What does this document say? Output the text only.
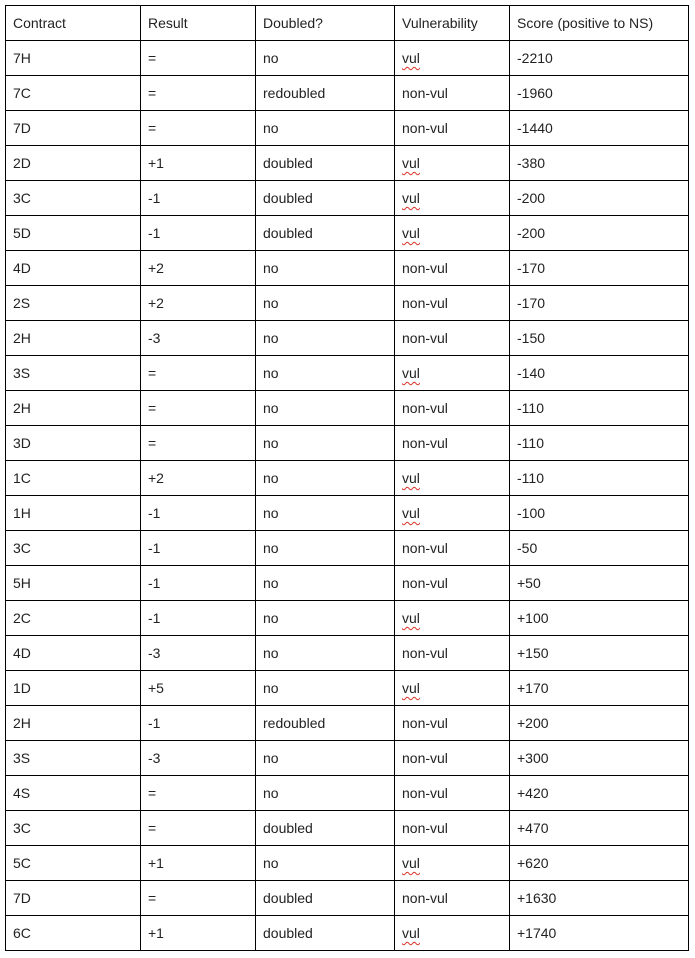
Contract	Result	Doubled?	Vulnerability	Score (positive to NS)
7H	=	no	vul	-2210
7C	=	redoubled	non-vul	-1960
7D	=	no	non-vul	-1440
2D	+1	doubled	vul	-380
3C	-1	doubled	vul	-200
5D	-1	doubled	vul	-200
4D	+2	no	non-vul	-170
2S	+2	no	non-vul	-170
2H	-3	no	non-vul	-150
3S	=	no	vul	-140
2H	=	no	non-vul	-110
3D	=	no	non-vul	-110
1C	+2	no	vul	-110
1H	-1	no	vul	-100
3C	-1	no	non-vul	-50
5H	-1	no	non-vul	+50
2C	-1	no	vul	+100
4D	-3	no	non-vul	+150
1D	+5	no	vul	+170
2H	-1	redoubled	non-vul	+200
3S	-3	no	non-vul	+300
4S	=	no	non-vul	+420
3C	=	doubled	non-vul	+470
5C	+1	no	vul	+620
7D	=	doubled	non-vul	+1630
6C	+1	doubled	vul	+1740
